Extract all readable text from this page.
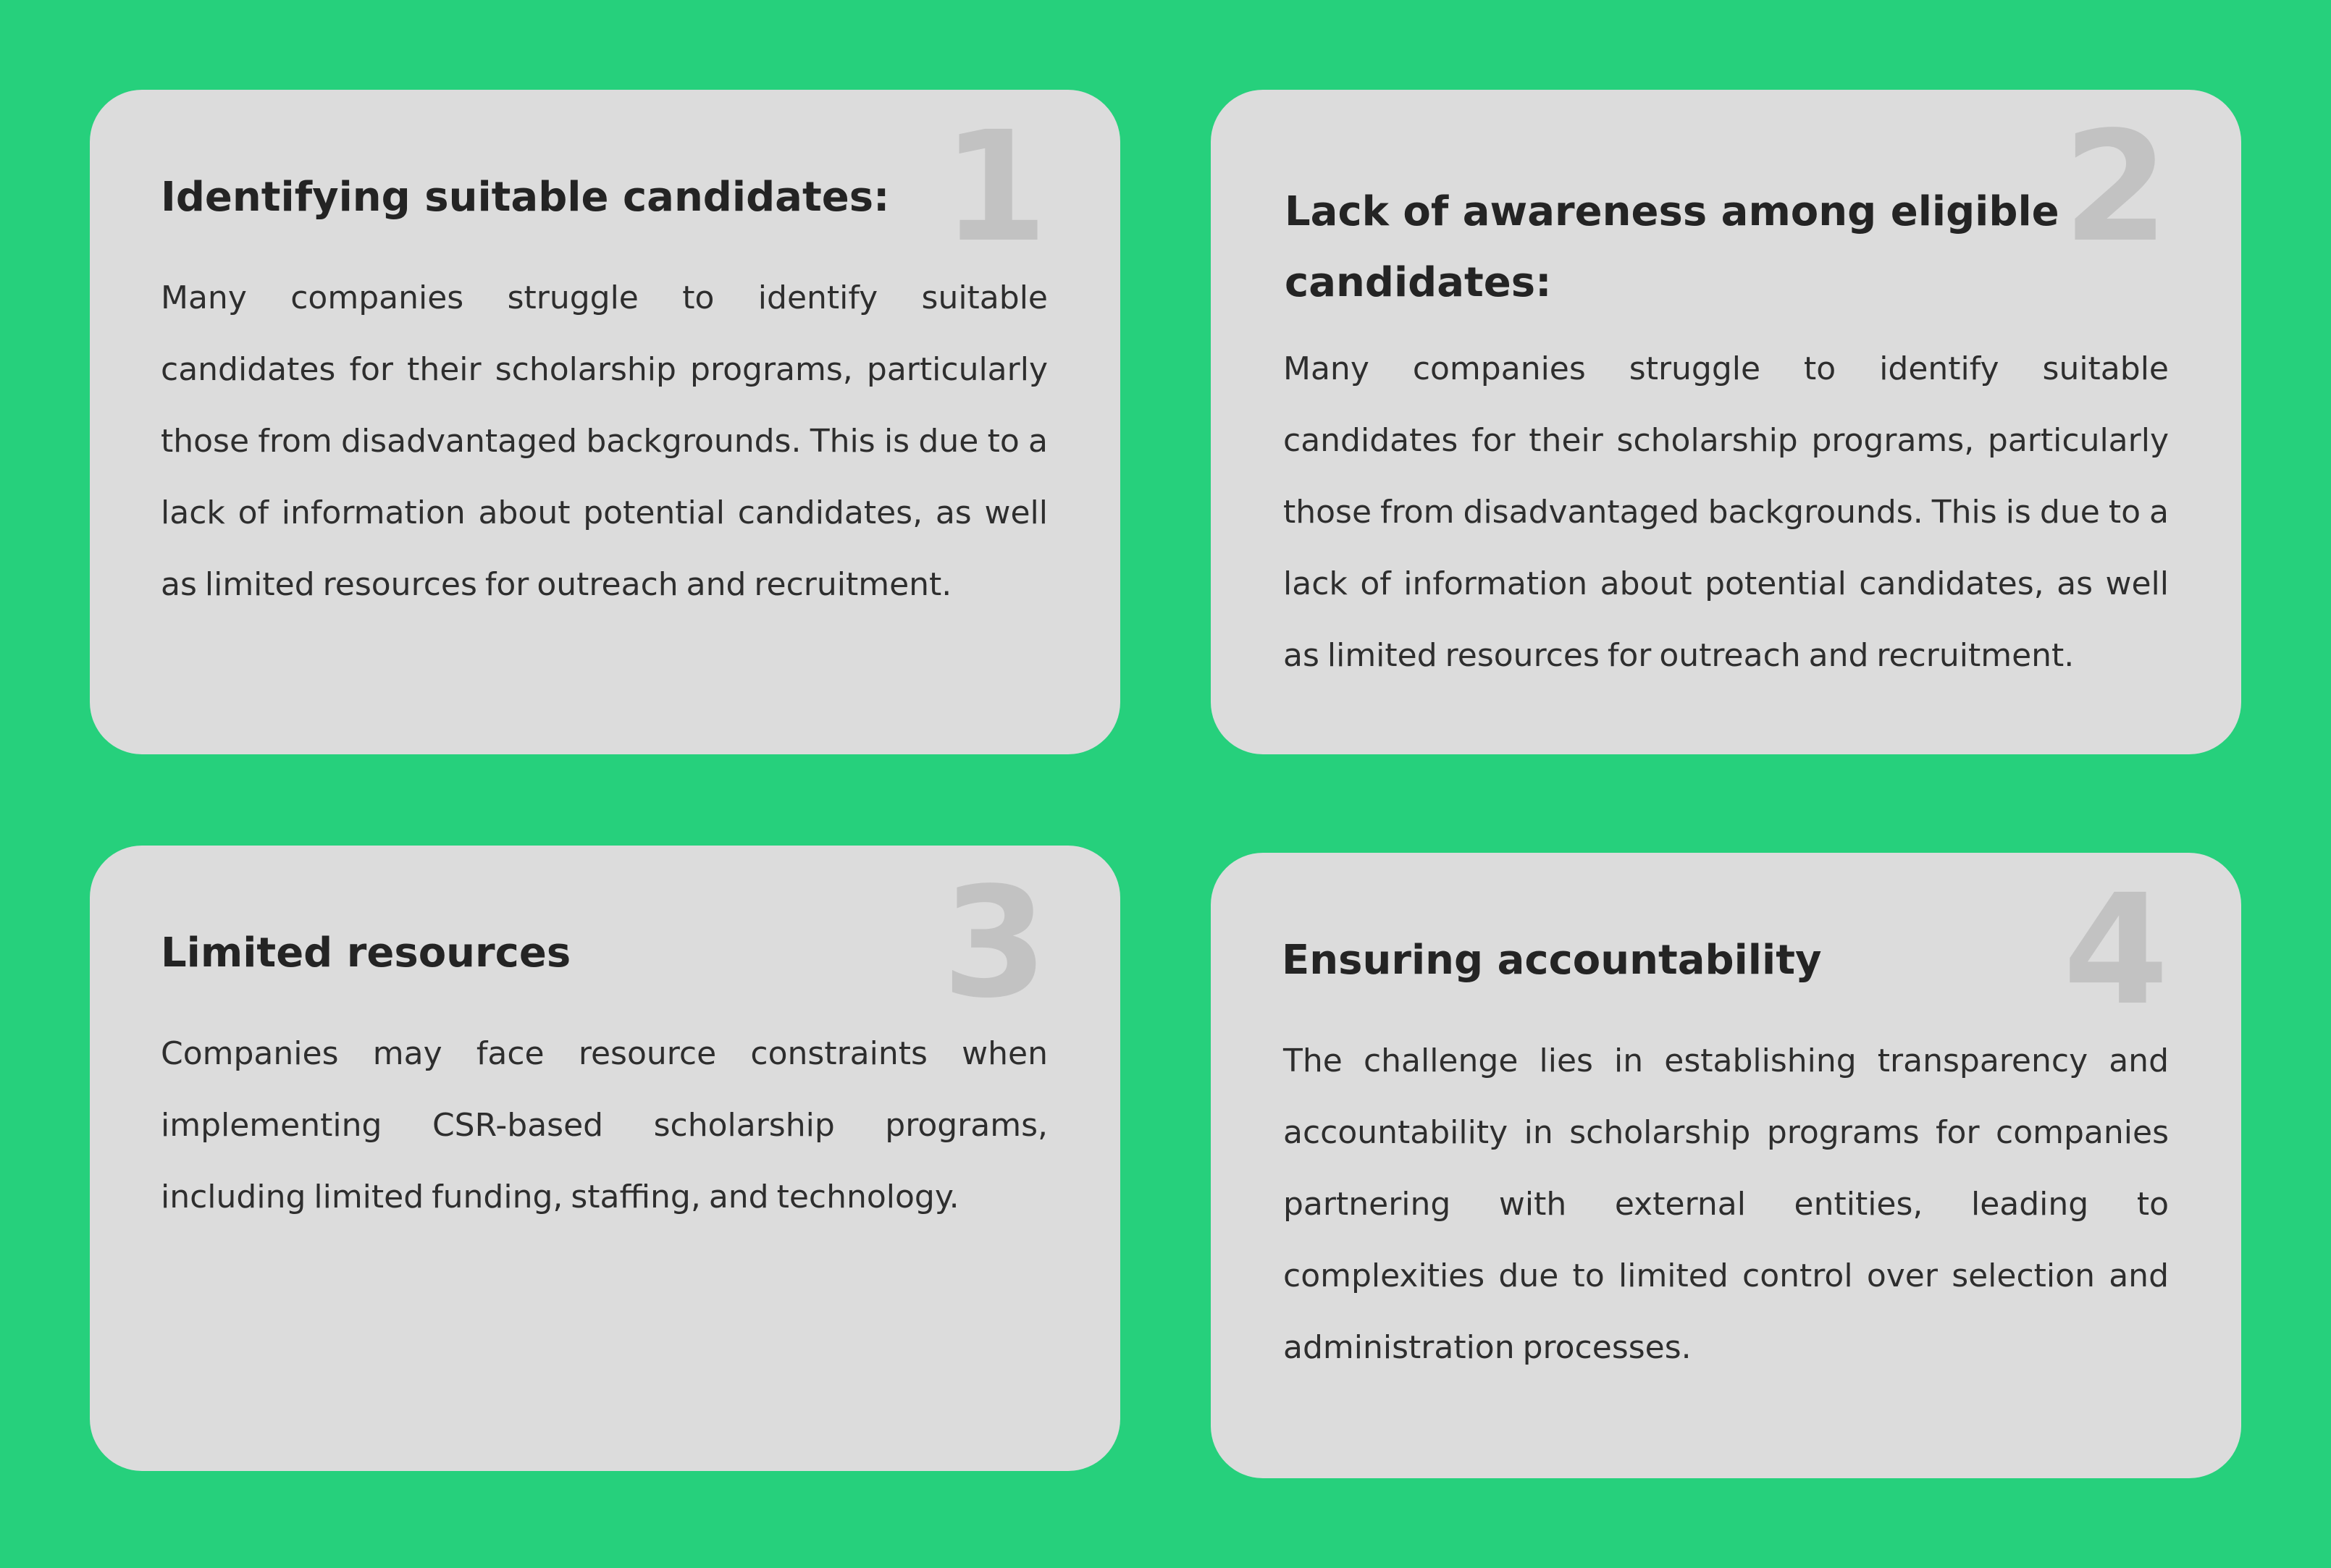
1
Identifying suitable candidates:

Many companies struggle to identify suitable candidates for their scholarship programs, particularly those from disadvantaged backgrounds. This is due to a lack of information about potential candidates, as well as limited resources for outreach and recruitment.

2
Lack of awareness among eligible candidates:

Many companies struggle to identify suitable candidates for their scholarship programs, particularly those from disadvantaged backgrounds. This is due to a lack of information about potential candidates, as well as limited resources for outreach and recruitment.

3
Limited resources

Companies may face resource constraints when implementing CSR-based scholarship programs, including limited funding, staffing, and technology.

4
Ensuring accountability

The challenge lies in establishing transparency and accountability in scholarship programs for companies partnering with external entities, leading to complexities due to limited control over selection and administration processes.
